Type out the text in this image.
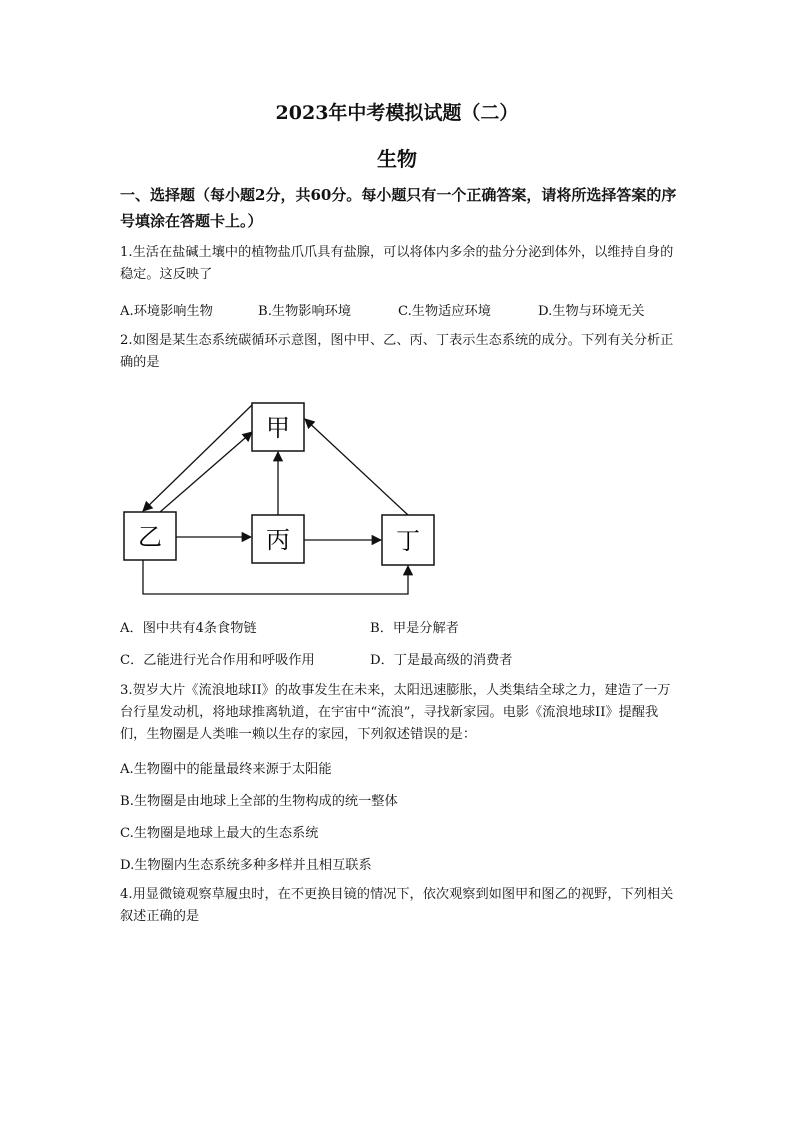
2023年中考模拟试题（二）
生物
一、选择题（每小题2分，共60分。每小题只有一个正确答案，请将所选择答案的序号填涂在答题卡上。）
1.生活在盐碱土壤中的植物盐爪爪具有盐腺，可以将体内多余的盐分分泌到体外，以维持自身的稳定。这反映了
A.环境影响生物	B.生物影响环境	C.生物适应环境	D.生物与环境无关
2.如图是某生态系统碳循环示意图，图中甲、乙、丙、丁表示生态系统的成分。下列有关分析正确的是
甲
乙	丙	丁
A．图中共有4条食物链	B．甲是分解者
C．乙能进行光合作用和呼吸作用	D．丁是最高级的消费者
3.贺岁大片《流浪地球II》的故事发生在未来，太阳迅速膨胀，人类集结全球之力，建造了一万台行星发动机，将地球推离轨道，在宇宙中“流浪”，寻找新家园。电影《流浪地球II》提醒我们，生物圈是人类唯一赖以生存的家园，下列叙述错误的是：
A.生物圈中的能量最终来源于太阳能
B.生物圈是由地球上全部的生物构成的统一整体
C.生物圈是地球上最大的生态系统
D.生物圈内生态系统多种多样并且相互联系
4.用显微镜观察草履虫时，在不更换目镜的情况下，依次观察到如图甲和图乙的视野，下列相关叙述正确的是
